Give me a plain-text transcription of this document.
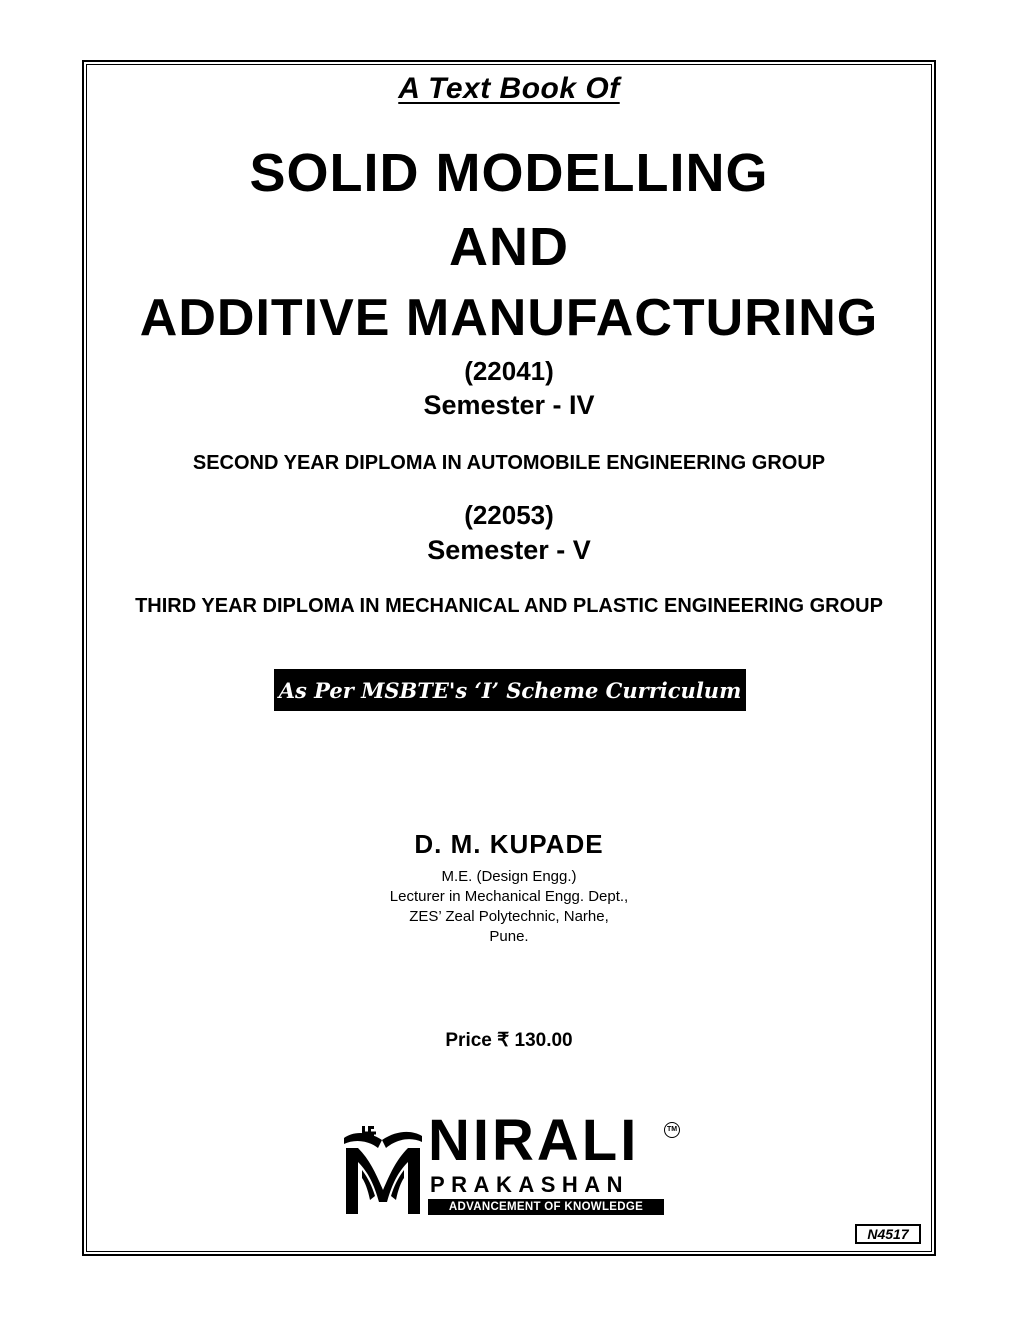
A Text Book Of
SOLID MODELLING
AND
ADDITIVE MANUFACTURING
(22041)
Semester - IV
SECOND YEAR DIPLOMA IN AUTOMOBILE ENGINEERING GROUP
(22053)
Semester - V
THIRD YEAR DIPLOMA IN MECHANICAL AND PLASTIC ENGINEERING GROUP
As Per MSBTE's ‘I’ Scheme Curriculum
D. M. KUPADE
M.E. (Design Engg.)
Lecturer in Mechanical Engg. Dept.,
ZES’ Zeal Polytechnic, Narhe,
Pune.
Price ₹ 130.00
NIRALI
PRAKASHAN
ADVANCEMENT OF KNOWLEDGE
TM
N4517
